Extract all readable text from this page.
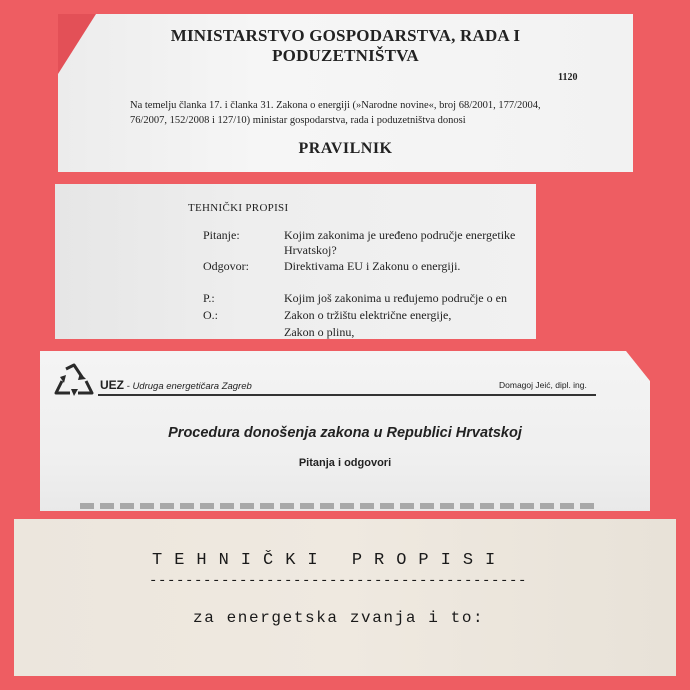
MINISTARSTVO GOSPODARSTVA, RADA I
PODUZETNIŠTVA
1120
Na temelju članka 17. i članka 31. Zakona o energiji (»Narodne novine«, broj 68/2001, 177/2004,
76/2007, 152/2008 i 127/10) ministar gospodarstva, rada i poduzetništva donosi
PRAVILNIK
TEHNIČKI PROPISI
Pitanje:	Kojim zakonima je uređeno područje energetike
Hrvatskoj?
Odgovor:	Direktivama EU i Zakonu o energiji.
P.:	Kojim još zakonima u ređujemo područje o en
O.:	Zakon o tržištu električne energije,
Zakon o plinu,
UEZ - Udruga energetičara Zagreb	Domagoj Jeić, dipl. ing.
Procedura donošenja zakona u Republici Hrvatskoj
Pitanja i odgovori
TEHNIČKI PROPISI
------------------------------------------
za energetska zvanja i to:
